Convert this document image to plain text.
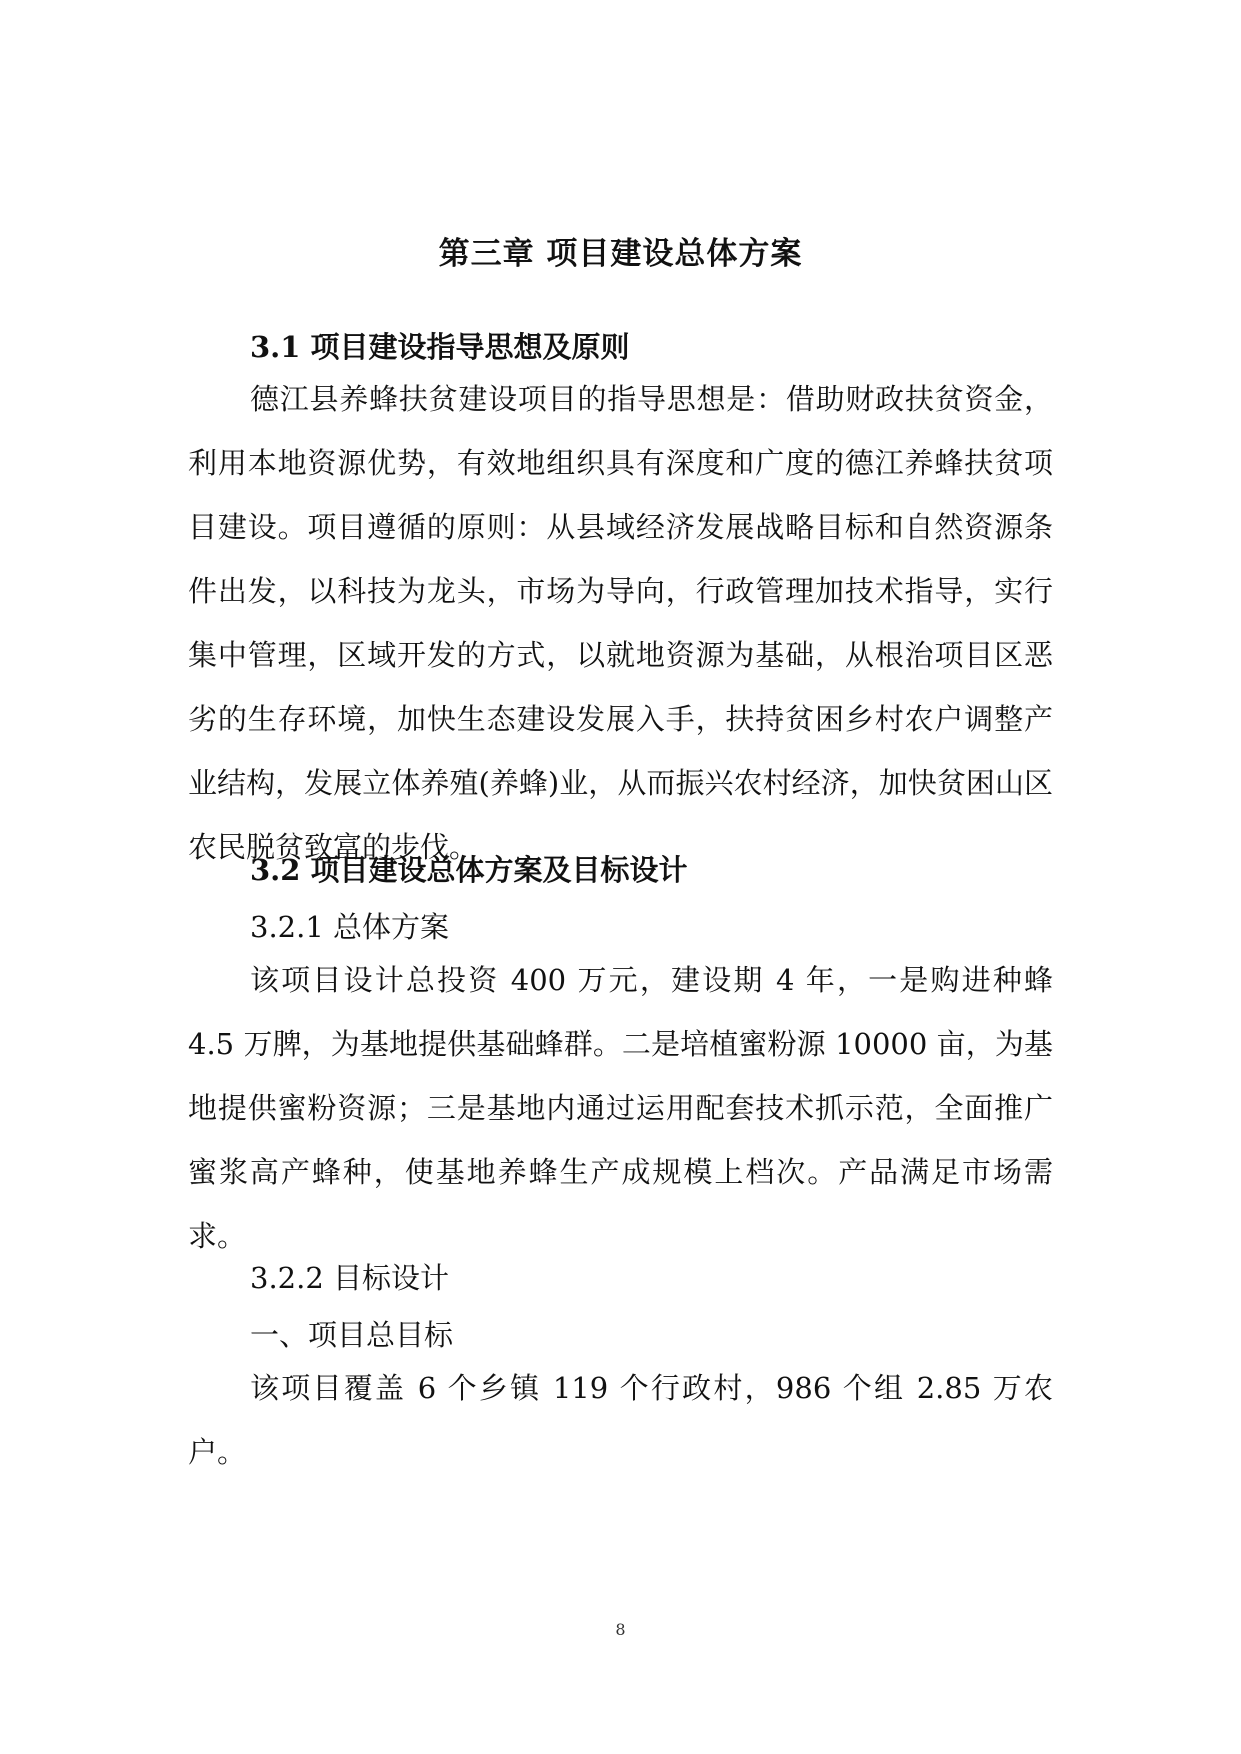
第三章 项目建设总体方案
3.1 项目建设指导思想及原则

德江县养蜂扶贫建设项目的指导思想是：借助财政扶贫资金，利用本地资源优势，有效地组织具有深度和广度的德江养蜂扶贫项目建设。项目遵循的原则：从县域经济发展战略目标和自然资源条件出发，以科技为龙头，市场为导向，行政管理加技术指导，实行集中管理，区域开发的方式，以就地资源为基础，从根治项目区恶劣的生存环境，加快生态建设发展入手，扶持贫困乡村农户调整产业结构，发展立体养殖(养蜂)业，从而振兴农村经济，加快贫困山区农民脱贫致富的步伐。

3.2 项目建设总体方案及目标设计
3.2.1 总体方案

该项目设计总投资 400 万元，建设期 4 年，一是购进种蜂 4.5 万脾，为基地提供基础蜂群。二是培植蜜粉源 10000 亩，为基地提供蜜粉资源；三是基地内通过运用配套技术抓示范，全面推广蜜浆高产蜂种，使基地养蜂生产成规模上档次。产品满足市场需求。

3.2.2 目标设计
一、项目总目标

该项目覆盖 6 个乡镇 119 个行政村，986 个组 2.85 万农户。

8
